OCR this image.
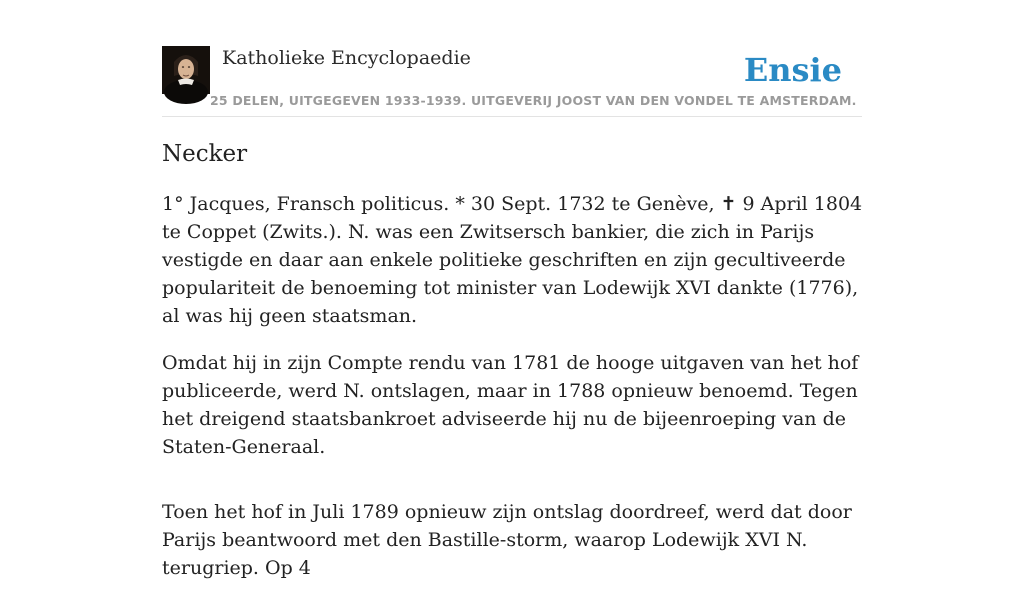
Katholieke Encyclopaedie
25 DELEN, UITGEGEVEN 1933-1939. UITGEVERIJ JOOST VAN DEN VONDEL TE AMSTERDAM.
Ensie
Necker

1° Jacques, Fransch politicus. * 30 Sept. 1732 te Genève, ✝ 9 April 1804 te Coppet (Zwits.). N. was een Zwitsersch bankier, die zich in Parijs vestigde en daar aan enkele politieke geschriften en zijn gecultiveerde populariteit de benoeming tot minister van Lodewijk XVI dankte (1776), al was hij geen staatsman.

Omdat hij in zijn Compte rendu van 1781 de hooge uitgaven van het hof publiceerde, werd N. ontslagen, maar in 1788 opnieuw benoemd. Tegen het dreigend staatsbankroet adviseerde hij nu de bijeenroeping van de Staten-Generaal.

Toen het hof in Juli 1789 opnieuw zijn ontslag doordreef, werd dat door Parijs beantwoord met den Bastille-storm, waarop Lodewijk XVI N. terugriep. Op 4
